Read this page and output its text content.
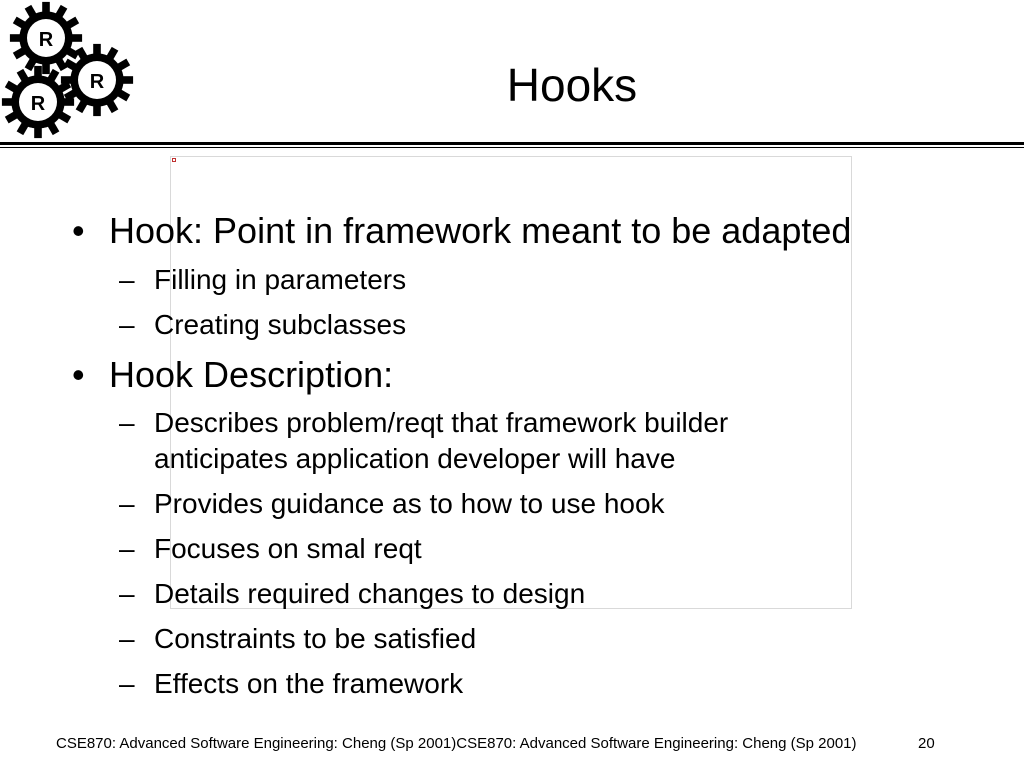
R
R
R	Hooks
• Hook: Point in framework meant to be adapted
– Filling in parameters
– Creating subclasses
• Hook Description:
– Describes problem/reqt that framework builder
anticipates application developer will have
– Provides guidance as to how to use hook
– Focuses on smal reqt
– Details required changes to design
– Constraints to be satisfied
– Effects on the framework
CSE870: Advanced Software Engineering: Cheng (Sp 2001)CSE870: Advanced Software Engineering: Cheng (Sp 2001)	20
